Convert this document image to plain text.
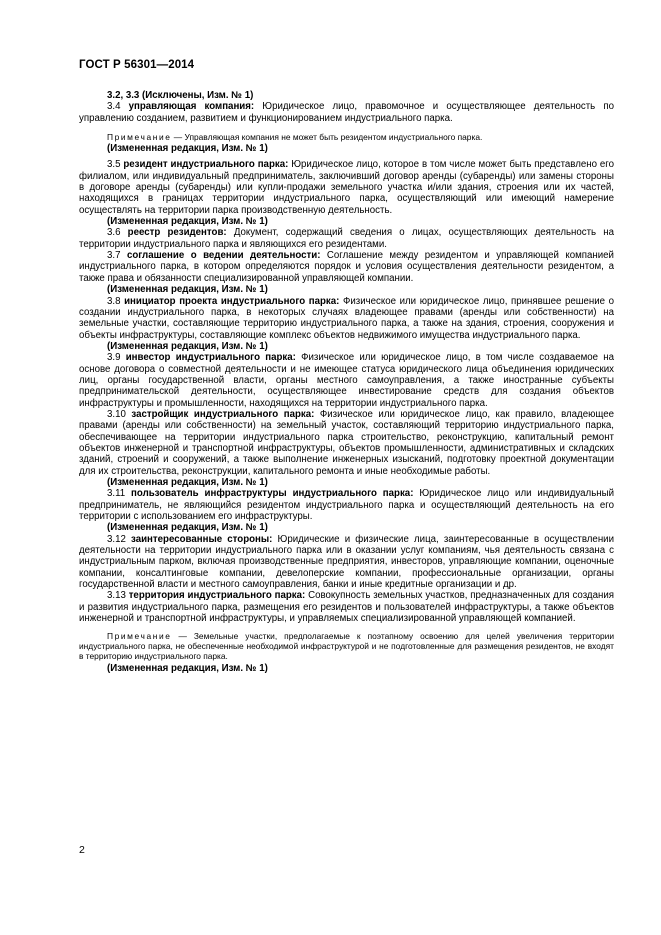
ГОСТ Р 56301—2014

3.2, 3.3 (Исключены, Изм. № 1)

3.4 управляющая компания: Юридическое лицо, правомочное и осуществляющее деятельность по управлению созданием, развитием и функционированием индустриального парка.

Примечание — Управляющая компания не может быть резидентом индустриального парка.

(Измененная редакция, Изм. № 1)

3.5 резидент индустриального парка: Юридическое лицо, которое в том числе может быть представлено его филиалом, или индивидуальный предприниматель, заключивший договор аренды (субаренды) или замены стороны в договоре аренды (субаренды) или купли-продажи земельного участка и/или здания, строения или их частей, находящихся в границах территории индустриального парка, осуществляющий или имеющий намерение осуществлять на территории парка производственную деятельность.

(Измененная редакция, Изм. № 1)

3.6 реестр резидентов: Документ, содержащий сведения о лицах, осуществляющих деятельность на территории индустриального парка и являющихся его резидентами.

3.7 соглашение о ведении деятельности: Соглашение между резидентом и управляющей компанией индустриального парка, в котором определяются порядок и условия осуществления деятельности резидентом, а также права и обязанности специализированной управляющей компании.

(Измененная редакция, Изм. № 1)

3.8 инициатор проекта индустриального парка: Физическое или юридическое лицо, принявшее решение о создании индустриального парка, в некоторых случаях владеющее правами (аренды или собственности) на земельные участки, составляющие территорию индустриального парка, а также на здания, строения, сооружения и объекты инфраструктуры, составляющие комплекс объектов недвижимого имущества индустриального парка.

(Измененная редакция, Изм. № 1)

3.9 инвестор индустриального парка: Физическое или юридическое лицо, в том числе создаваемое на основе договора о совместной деятельности и не имеющее статуса юридического лица объединения юридических лиц, органы государственной власти, органы местного самоуправления, а также иностранные субъекты предпринимательской деятельности, осуществляющее инвестирование средств для создания объектов инфраструктуры и промышленности, находящихся на территории индустриального парка.

3.10 застройщик индустриального парка: Физическое или юридическое лицо, как правило, владеющее правами (аренды или собственности) на земельный участок, составляющий территорию индустриального парка, обеспечивающее на территории индустриального парка строительство, реконструкцию, капитальный ремонт объектов инженерной и транспортной инфраструктуры, объектов промышленности, административных и складских зданий, строений и сооружений, а также выполнение инженерных изысканий, подготовку проектной документации для их строительства, реконструкции, капитального ремонта и иные необходимые работы.

(Измененная редакция, Изм. № 1)

3.11 пользователь инфраструктуры индустриального парка: Юридическое лицо или индивидуальный предприниматель, не являющийся резидентом индустриального парка и осуществляющий деятельность на его территории с использованием его инфраструктуры.

(Измененная редакция, Изм. № 1)

3.12 заинтересованные стороны: Юридические и физические лица, заинтересованные в осуществлении деятельности на территории индустриального парка или в оказании услуг компаниям, чья деятельность связана с индустриальным парком, включая производственные предприятия, инвесторов, управляющие компании, оценочные компании, консалтинговые компании, девелоперские компании, профессиональные организации, органы государственной власти и местного самоуправления, банки и иные кредитные организации и др.

3.13 территория индустриального парка: Совокупность земельных участков, предназначенных для создания и развития индустриального парка, размещения его резидентов и пользователей инфраструктуры, а также объектов инженерной и транспортной инфраструктуры, и управляемых специализированной управляющей компанией.

Примечание — Земельные участки, предполагаемые к поэтапному освоению для целей увеличения территории индустриального парка, не обеспеченные необходимой инфраструктурой и не подготовленные для размещения резидентов, не входят в территорию индустриального парка.

(Измененная редакция, Изм. № 1)

2
